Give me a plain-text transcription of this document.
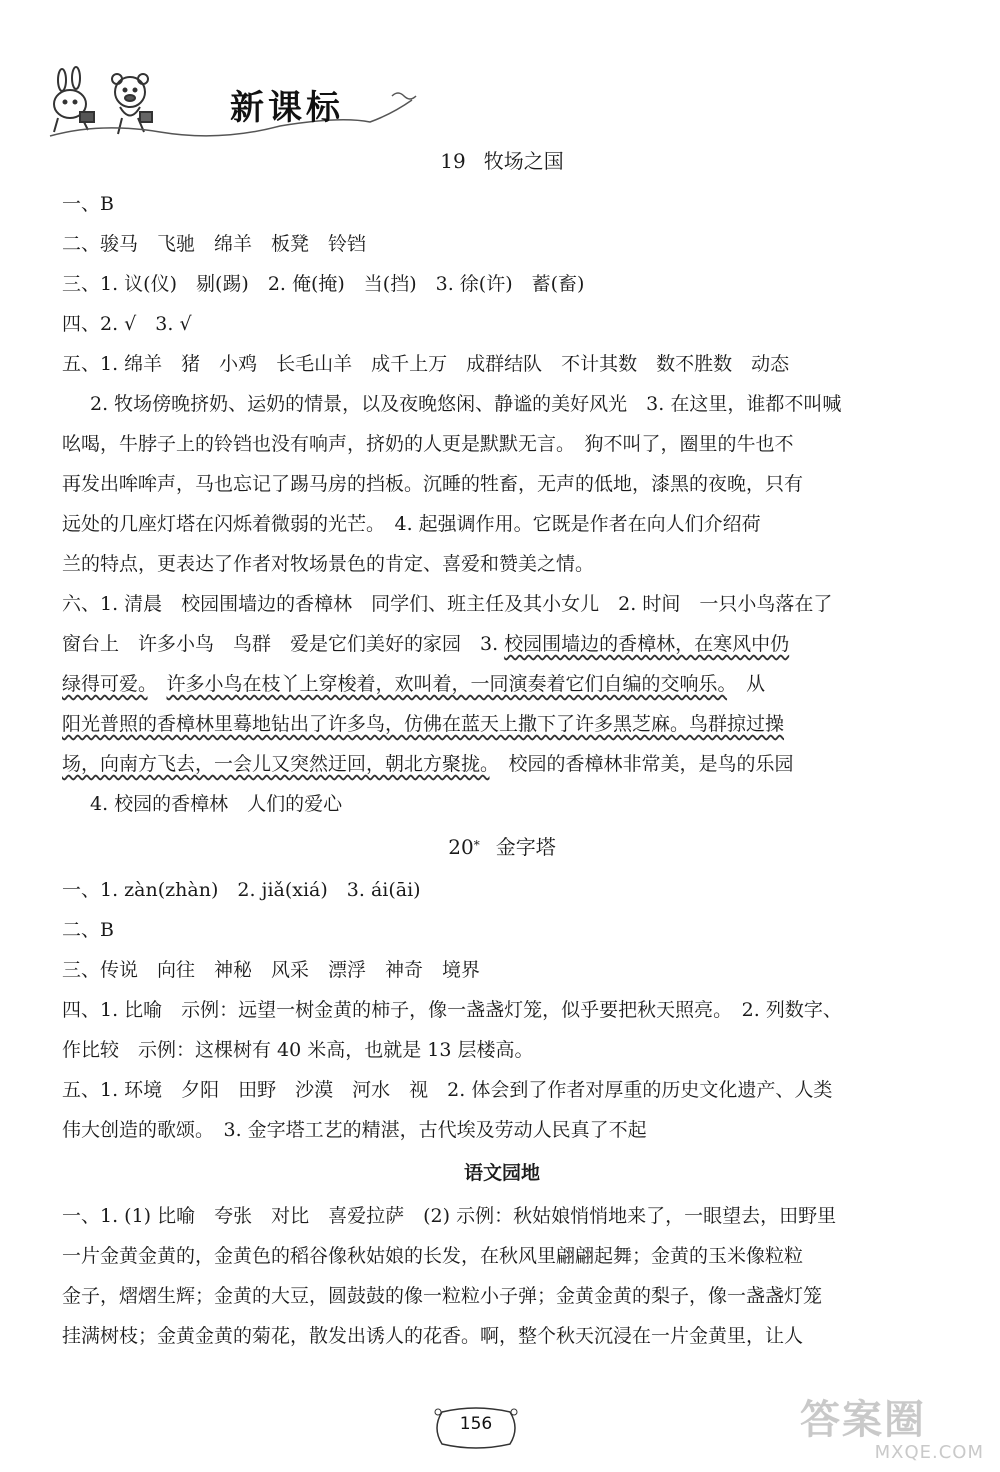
新课标

19 牧场之国

一、B

二、骏马　飞驰　绵羊　板凳　铃铛

三、1. 议(仪)　剔(踢)　2. 俺(掩)　当(挡)　3. 徐(许)　蓄(畜)

四、2. √　3. √

五、1. 绵羊　猪　小鸡　长毛山羊　成千上万　成群结队　不计其数　数不胜数　动态

2. 牧场傍晚挤奶、运奶的情景，以及夜晚悠闲、静谧的美好风光　3. 在这里，谁都不叫喊

吆喝，牛脖子上的铃铛也没有响声，挤奶的人更是默默无言。　狗不叫了，圈里的牛也不

再发出哞哞声，马也忘记了踢马房的挡板。沉睡的牲畜，无声的低地，漆黑的夜晚，只有

远处的几座灯塔在闪烁着微弱的光芒。　4. 起强调作用。它既是作者在向人们介绍荷

兰的特点，更表达了作者对牧场景色的肯定、喜爱和赞美之情。

六、1. 清晨　校园围墙边的香樟林　同学们、班主任及其小女儿　2. 时间　一只小鸟落在了

窗台上　许多小鸟　鸟群　爱是它们美好的家园　3. 校园围墙边的香樟林，在寒风中仍

绿得可爱。　 许多小鸟在枝丫上穿梭着，欢叫着，一同演奏着它们自编的交响乐。　 从

阳光普照的香樟林里蓦地钻出了许多鸟，仿佛在蓝天上撒下了许多黑芝麻。鸟群掠过操

场，向南方飞去，一会儿又突然迂回，朝北方聚拢。　 校园的香樟林非常美，是鸟的乐园

4. 校园的香樟林　人们的爱心

20* 金字塔

一、1. zàn(zhàn)　2. jiǎ(xiá)　3. ái(āi)

二、B

三、传说　向往　神秘　风采　漂浮　神奇　境界

四、1. 比喻　示例：远望一树金黄的柿子，像一盏盏灯笼，似乎要把秋天照亮。　2. 列数字、

作比较　示例：这棵树有 40 米高，也就是 13 层楼高。

五、1. 环境　夕阳　田野　沙漠　河水　视　2. 体会到了作者对厚重的历史文化遗产、人类

伟大创造的歌颂。　3. 金字塔工艺的精湛，古代埃及劳动人民真了不起

语文园地

一、1. (1) 比喻　夸张　对比　喜爱拉萨　(2) 示例：秋姑娘悄悄地来了，一眼望去，田野里

一片金黄金黄的，金黄色的稻谷像秋姑娘的长发，在秋风里翩翩起舞；金黄的玉米像粒粒

金子，熠熠生辉；金黄的大豆，圆鼓鼓的像一粒粒小子弹；金黄金黄的梨子，像一盏盏灯笼

挂满树枝；金黄金黄的菊花，散发出诱人的花香。啊，整个秋天沉浸在一片金黄里，让人

156	答案圈
MXQE.COM
